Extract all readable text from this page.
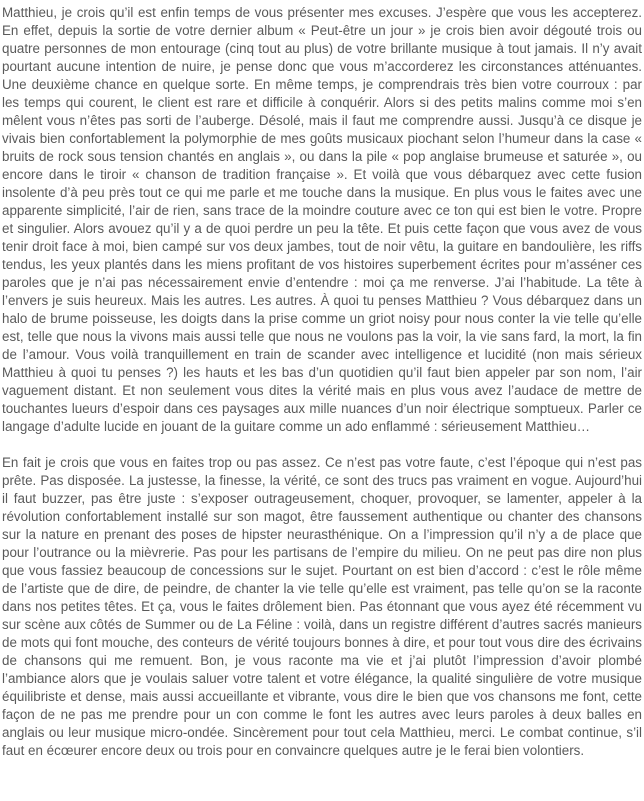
Matthieu, je crois qu’il est enfin temps de vous présenter mes excuses. J’espère que vous les accepterez. En effet, depuis la sortie de votre dernier album « Peut-être un jour » je crois bien avoir dégouté trois ou quatre personnes de mon entourage (cinq tout au plus) de votre brillante musique à tout jamais. Il n’y avait pourtant aucune intention de nuire, je pense donc que vous m’accorderez les circonstances atténuantes. Une deuxième chance en quelque sorte. En même temps, je comprendrais très bien votre courroux : par les temps qui courent, le client est rare et difficile à conquérir. Alors si des petits malins comme moi s’en mêlent vous n’êtes pas sorti de l’auberge. Désolé, mais il faut me comprendre aussi. Jusqu’à ce disque je vivais bien confortablement la polymorphie de mes goûts musicaux piochant selon l’humeur dans la case « bruits de rock sous tension chantés en anglais », ou dans la pile « pop anglaise brumeuse et saturée », ou encore dans le tiroir « chanson de tradition française ». Et voilà que vous débarquez avec cette fusion insolente d’à peu près tout ce qui me parle et me touche dans la musique. En plus vous le faites avec une apparente simplicité, l’air de rien, sans trace de la moindre couture avec ce ton qui est bien le votre. Propre et singulier. Alors avouez qu’il y a de quoi perdre un peu la tête. Et puis cette façon que vous avez de vous tenir droit face à moi, bien campé sur vos deux jambes, tout de noir vêtu, la guitare en bandoulière, les riffs tendus, les yeux plantés dans les miens profitant de vos histoires superbement écrites pour m’asséner ces paroles que je n’ai pas nécessairement envie d’entendre : moi ça me renverse. J’ai l’habitude. La tête à l’envers je suis heureux. Mais les autres. Les autres. À quoi tu penses Matthieu ? Vous débarquez dans un halo de brume poisseuse, les doigts dans la prise comme un griot noisy pour nous conter la vie telle qu’elle est, telle que nous la vivons mais aussi telle que nous ne voulons pas la voir, la vie sans fard, la mort, la fin de l’amour. Vous voilà tranquillement en train de scander avec intelligence et lucidité (non mais sérieux Matthieu à quoi tu penses ?) les hauts et les bas d’un quotidien qu’il faut bien appeler par son nom, l’air vaguement distant. Et non seulement vous dites la vérité mais en plus vous avez l’audace de mettre de touchantes lueurs d’espoir dans ces paysages aux mille nuances d’un noir électrique somptueux. Parler ce langage d’adulte lucide en jouant de la guitare comme un ado enflammé : sérieusement Matthieu…

En fait je crois que vous en faites trop ou pas assez. Ce n’est pas votre faute, c’est l’époque qui n’est pas prête. Pas disposée. La justesse, la finesse, la vérité, ce sont des trucs pas vraiment en vogue. Aujourd’hui il faut buzzer, pas être juste : s’exposer outrageusement, choquer, provoquer, se lamenter, appeler à la révolution confortablement installé sur son magot, être faussement authentique ou chanter des chansons sur la nature en prenant des poses de hipster neurasthénique. On a l’impression qu’il n’y a de place que pour l’outrance ou la mièvrerie. Pas pour les partisans de l’empire du milieu. On ne peut pas dire non plus que vous fassiez beaucoup de concessions sur le sujet. Pourtant on est bien d’accord : c’est le rôle même de l’artiste que de dire, de peindre, de chanter la vie telle qu’elle est vraiment, pas telle qu’on se la raconte dans nos petites têtes. Et ça, vous le faites drôlement bien. Pas étonnant que vous ayez été récemment vu sur scène aux côtés de Summer ou de La Féline : voilà, dans un registre différent d’autres sacrés manieurs de mots qui font mouche, des conteurs de vérité toujours bonnes à dire, et pour tout vous dire des écrivains de chansons qui me remuent. Bon, je vous raconte ma vie et j’ai plutôt l’impression d’avoir plombé l’ambiance alors que je voulais saluer votre talent et votre élégance, la qualité singulière de votre musique équilibriste et dense, mais aussi accueillante et vibrante, vous dire le bien que vos chansons me font, cette façon de ne pas me prendre pour un con comme le font les autres avec leurs paroles à deux balles en anglais ou leur musique micro-ondée. Sincèrement pour tout cela Matthieu, merci. Le combat continue, s’il faut en écœurer encore deux ou trois pour en convaincre quelques autre je le ferai bien volontiers.
